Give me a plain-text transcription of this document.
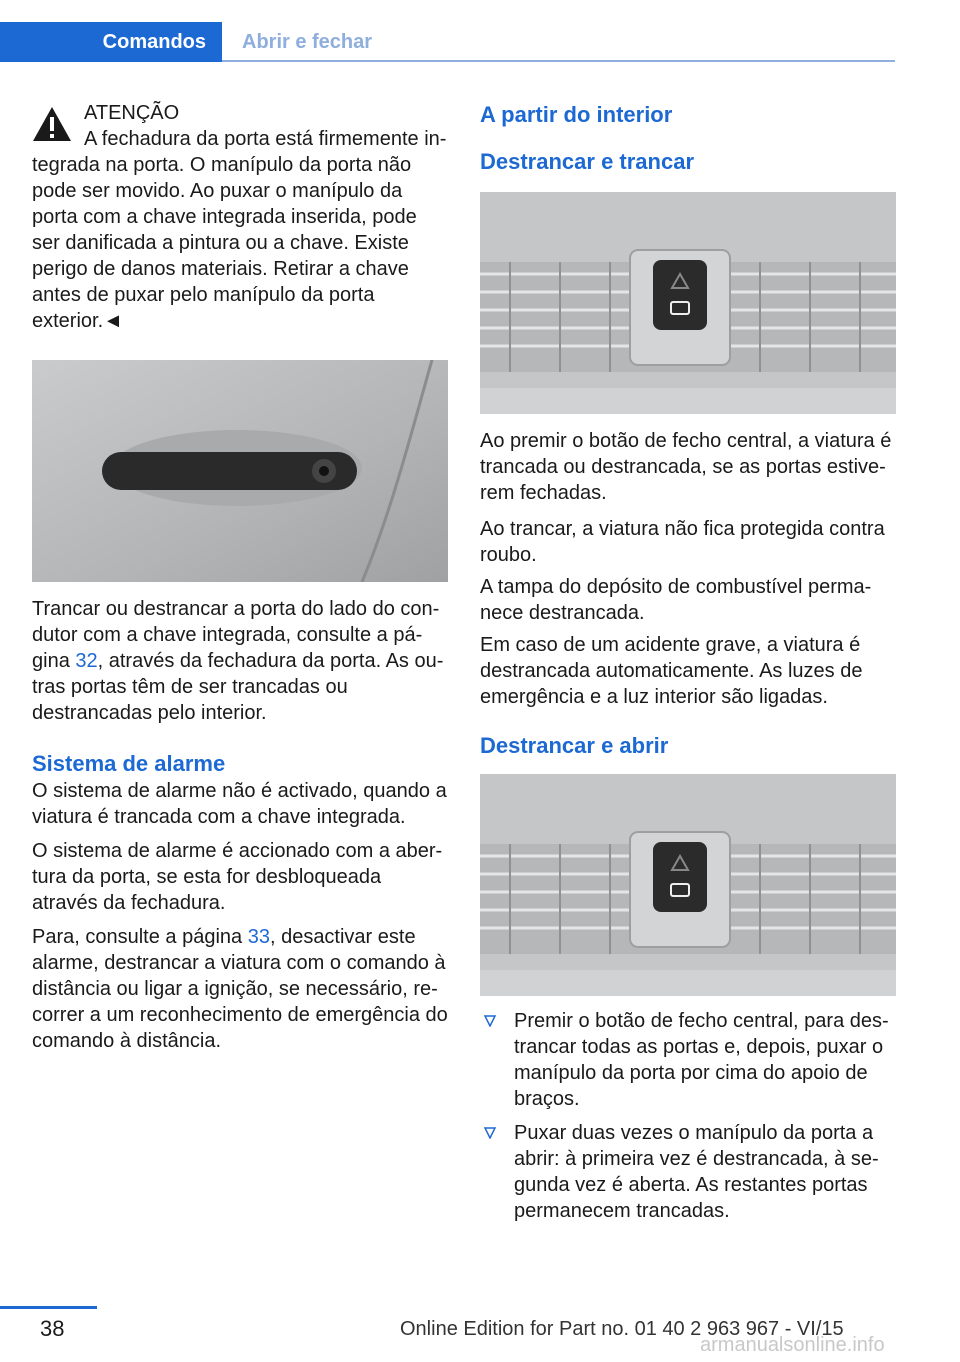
Comandos	Abrir e fechar

ATENÇÃO

A fechadura da porta está firmemente in-

tegrada na porta. O manípulo da porta não pode ser movido. Ao puxar o manípulo da porta com a chave integrada inserida, pode ser danificada a pintura ou a chave. Existe perigo de danos materiais. Retirar a chave antes de puxar pelo manípulo da porta exterior.◄

Trancar ou destrancar a porta do lado do condutor com a chave integrada, consulte a página 32, através da fechadura da porta. As outras portas têm de ser trancadas ou destrancadas pelo interior.

Sistema de alarme

O sistema de alarme não é activado, quando a viatura é trancada com a chave integrada.

O sistema de alarme é accionado com a abertura da porta, se esta for desbloqueada através da fechadura.

Para, consulte a página 33, desactivar este alarme, destrancar a viatura com o comando à distância ou ligar a ignição, se necessário, recorrer a um reconhecimento de emergência do comando à distância.

A partir do interior
Destrancar e trancar

Ao premir o botão de fecho central, a viatura é trancada ou destrancada, se as portas estiverem fechadas.

Ao trancar, a viatura não fica protegida contra roubo.

A tampa do depósito de combustível permanece destrancada.

Em caso de um acidente grave, a viatura é destrancada automaticamente. As luzes de emergência e a luz interior são ligadas.

Destrancar e abrir
Premir o botão de fecho central, para destrancar todas as portas e, depois, puxar o manípulo da porta por cima do apoio de braços.
Puxar duas vezes o manípulo da porta a abrir: à primeira vez é destrancada, à segunda vez é aberta. As restantes portas permanecem trancadas.
38	Online Edition for Part no. 01 40 2 963 967 - VI/15
armanualsonline.info
